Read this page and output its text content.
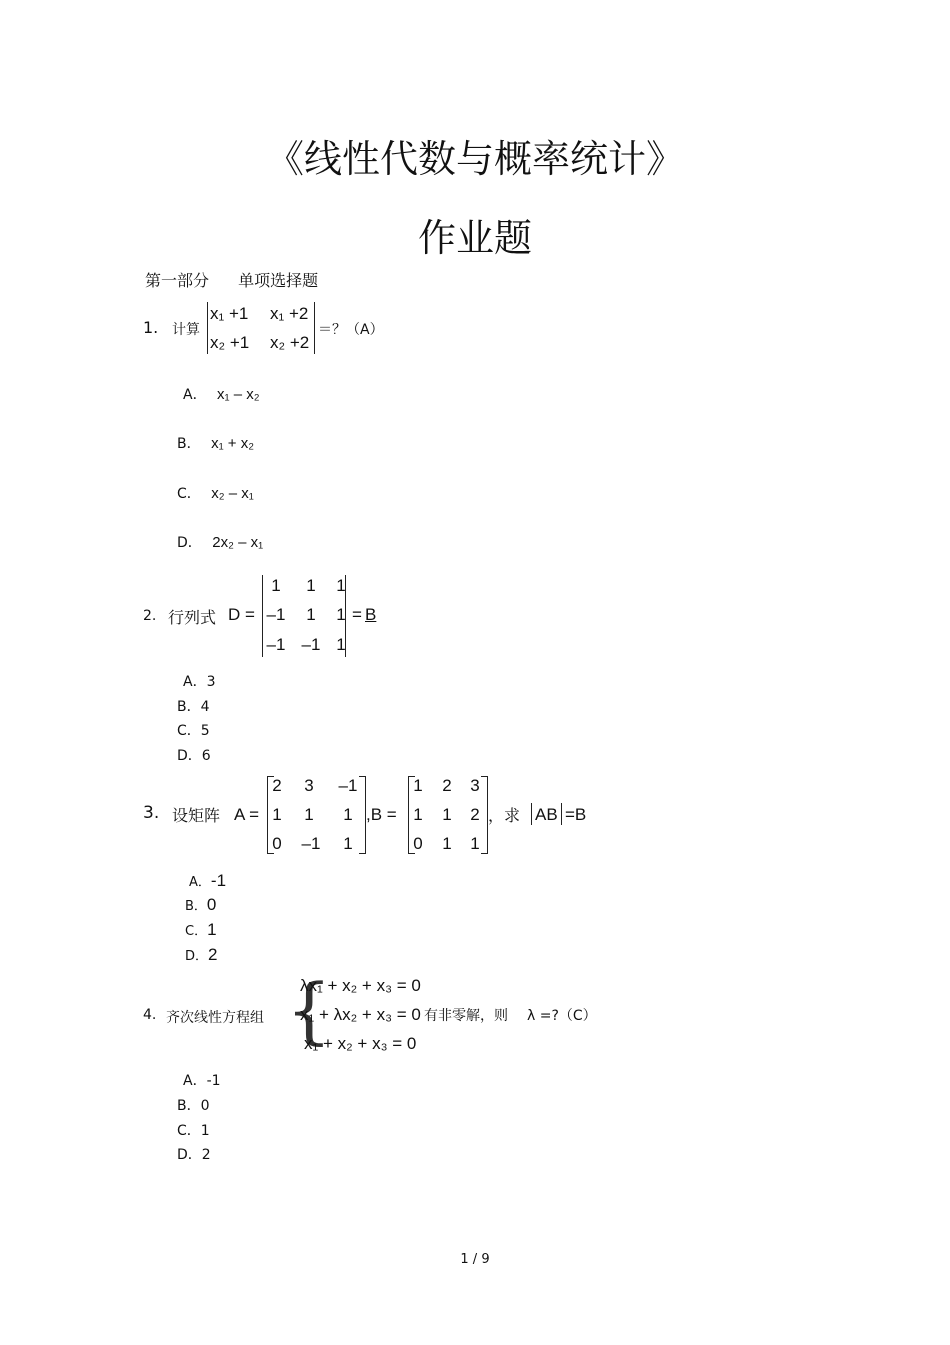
《线性代数与概率统计》
作业题
第一部分 单项选择题
1. 计算
x₁ +1	x₁ +2
x₂ +1	x₂ +2
＝？（A）
A． x₁ – x₂
B． x₁ + x₂
C． x₂ – x₁
D． 2x₂ – x₁
2. 行列式 D =
1	1	1
–1	1	1
–1 –1 1
= B
A．3
B．4
C．5
D．6
3. 设矩阵 A =
2	3	–1
1	1	1
0	–1	1
,B =
1	2	3
1	1	2
0	1	1
，求 AB =B
A．-1
B．0
C．1
D．2
4. 齐次线性方程组 {
λx₁ + x₂ + x₃ = 0
x₁ + λx₂ + x₃ = 0
x₁ + x₂ + x₃ = 0
有非零解，则 λ =?（C）
A．-1
B．0
C．1
D．2
1 / 9
